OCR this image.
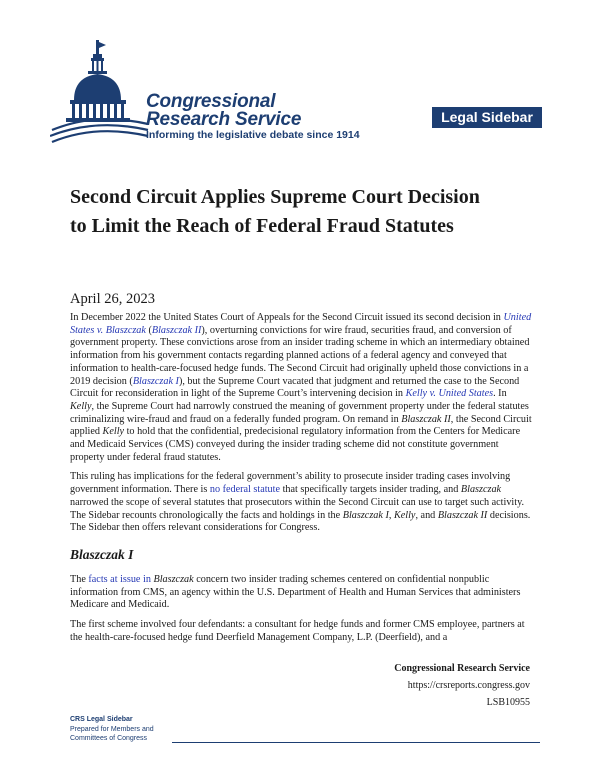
Congressional
Research Service
Informing the legislative debate since 1914
Legal Sidebar
Second Circuit Applies Supreme Court Decision to Limit the Reach of Federal Fraud Statutes
April 26, 2023

In December 2022 the United States Court of Appeals for the Second Circuit issued its second decision in United States v. Blaszczak (Blaszczak II), overturning convictions for wire fraud, securities fraud, and conversion of government property. These convictions arose from an insider trading scheme in which an intermediary obtained information from his government contacts regarding planned actions of a federal agency and conveyed that information to health-care-focused hedge funds. The Second Circuit had originally upheld those convictions in a 2019 decision (Blaszczak I), but the Supreme Court vacated that judgment and returned the case to the Second Circuit for reconsideration in light of the Supreme Court’s intervening decision in Kelly v. United States. In Kelly, the Supreme Court had narrowly construed the meaning of government property under the federal statutes criminalizing wire-fraud and fraud on a federally funded program. On remand in Blaszczak II, the Second Circuit applied Kelly to hold that the confidential, predecisional regulatory information from the Centers for Medicare and Medicaid Services (CMS) conveyed during the insider trading scheme did not constitute government property under federal fraud statutes.

This ruling has implications for the federal government’s ability to prosecute insider trading cases involving government information. There is no federal statute that specifically targets insider trading, and Blaszczak narrowed the scope of several statutes that prosecutors within the Second Circuit can use to target such activity. The Sidebar recounts chronologically the facts and holdings in the Blaszczak I, Kelly, and Blaszczak II decisions. The Sidebar then offers relevant considerations for Congress.

Blaszczak I

The facts at issue in Blaszczak concern two insider trading schemes centered on confidential nonpublic information from CMS, an agency within the U.S. Department of Health and Human Services that administers Medicare and Medicaid.

The first scheme involved four defendants: a consultant for hedge funds and former CMS employee, partners at the health-care-focused hedge fund Deerfield Management Company, L.P. (Deerfield), and a

Congressional Research Service
https://crsreports.congress.gov
LSB10955
CRS Legal Sidebar
Prepared for Members and
Committees of Congress
